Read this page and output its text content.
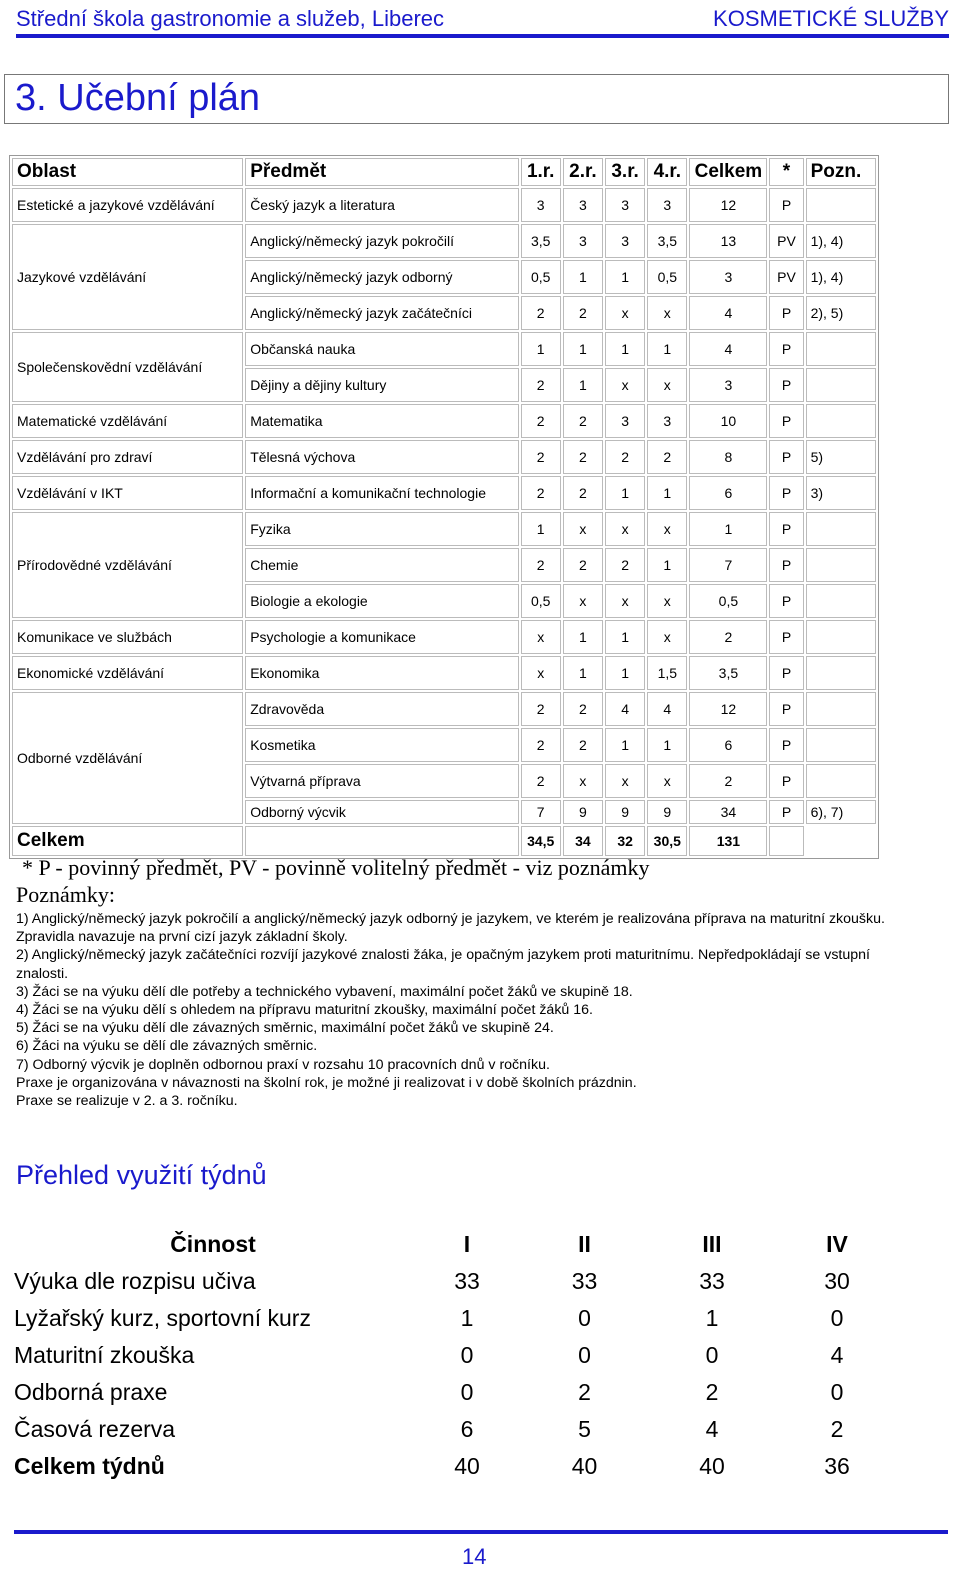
Střední škola gastronomie a služeb, Liberec	KOSMETICKÉ SLUŽBY
3. Učební plán
Oblast	Předmět	1.r.	2.r.	3.r.	4.r.	Celkem	*	Pozn.
Estetické a jazykové vzdělávání	Český jazyk a literatura	3	3	3	3	12	P	
Jazykové vzdělávání	Anglický/německý jazyk pokročilí	3,5	3	3	3,5	13	PV	1), 4)
	Anglický/německý jazyk odborný	0,5	1	1	0,5	3	PV	1), 4)
	Anglický/německý jazyk začátečníci	2	2	x	x	4	P	2), 5)
Společenskovědní vzdělávání	Občanská nauka	1	1	1	1	4	P	
	Dějiny a dějiny kultury	2	1	x	x	3	P	
Matematické vzdělávání	Matematika	2	2	3	3	10	P	
Vzdělávání pro zdraví	Tělesná výchova	2	2	2	2	8	P	5)
Vzdělávání v IKT	Informační a komunikační technologie	2	2	1	1	6	P	3)
Přírodovědné vzdělávání	Fyzika	1	x	x	x	1	P	
	Chemie	2	2	2	1	7	P	
	Biologie a ekologie	0,5	x	x	x	0,5	P	
Komunikace ve službách	Psychologie a komunikace	x	1	1	x	2	P	
Ekonomické vzdělávání	Ekonomika	x	1	1	1,5	3,5	P	
Odborné vzdělávání	Zdravověda	2	2	4	4	12	P	
	Kosmetika	2	2	1	1	6	P	
	Výtvarná příprava	2	x	x	x	2	P	
	Odborný výcvik	7	9	9	9	34	P	6), 7)
Celkem		34,5	34	32	30,5	131		
* P - povinný předmět, PV - povinně volitelný předmět - viz poznámky
Poznámky:

1) Anglický/německý jazyk pokročilí a anglický/německý jazyk odborný je jazykem, ve kterém je realizována příprava na maturitní zkoušku.

Zpravidla navazuje na první cizí jazyk základní školy.

2) Anglický/německý jazyk začátečníci rozvíjí jazykové znalosti žáka, je opačným jazykem proti maturitnímu. Nepředpokládají se vstupní znalosti.

3) Žáci se na výuku dělí dle potřeby a technického vybavení, maximální počet žáků ve skupině 18.

4) Žáci se na výuku dělí s ohledem na přípravu maturitní zkoušky, maximální počet žáků 16.

5) Žáci se na výuku dělí dle závazných směrnic, maximální počet žáků ve skupině 24.

6) Žáci na výuku se dělí dle závazných směrnic.

7) Odborný výcvik je doplněn odbornou praxí v rozsahu 10 pracovních dnů v ročníku.

Praxe je organizována v návaznosti na školní rok, je možné ji realizovat i v době školních prázdnin.

Praxe se realizuje v 2. a 3. ročníku.

Přehled využití týdnů
Činnost	I	II	III	IV
Výuka dle rozpisu učiva	33	33	33	30
Lyžařský kurz, sportovní kurz	1	0	1	0
Maturitní zkouška	0	0	0	4
Odborná praxe	0	2	2	0
Časová rezerva	6	5	4	2
Celkem týdnů	40	40	40	36
14
